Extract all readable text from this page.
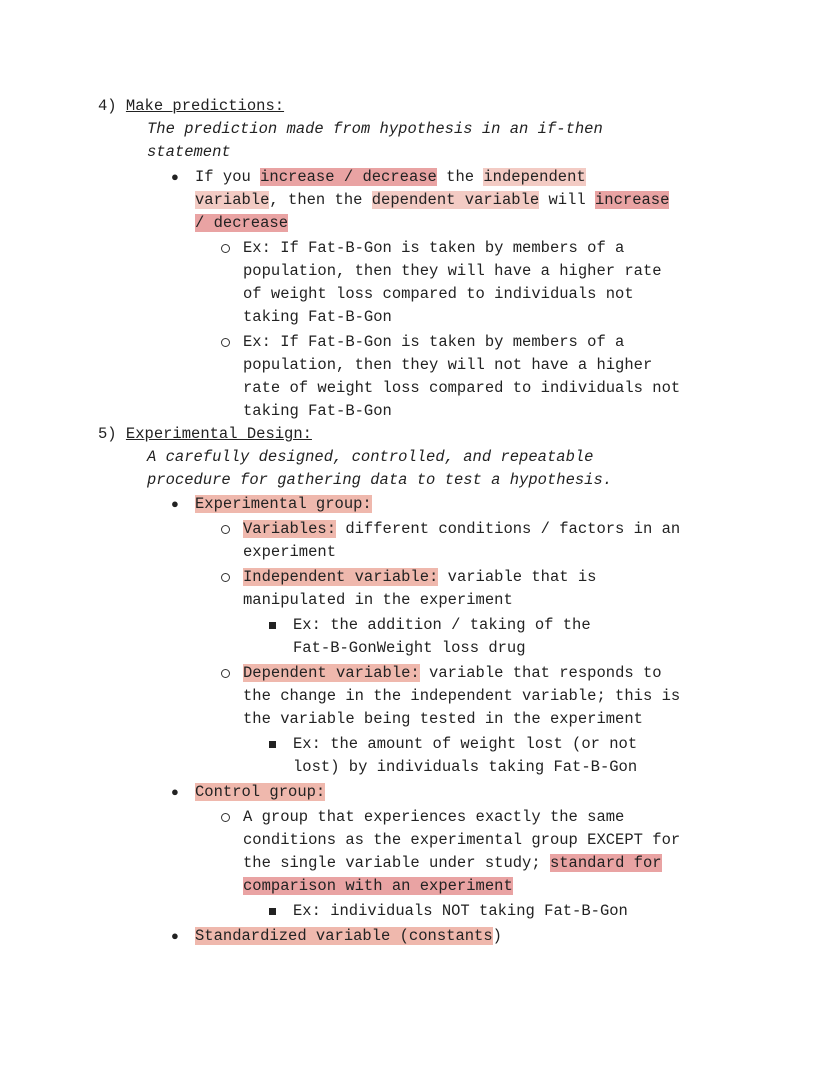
4) Make predictions:
The prediction made from hypothesis in an if-then
statement
● If you increase / decrease the independent
variable, then the dependent variable will increase
/ decrease
Ex: If Fat-B-Gon is taken by members of a
population, then they will have a higher rate
of weight loss compared to individuals not
taking Fat-B-Gon
Ex: If Fat-B-Gon is taken by members of a
population, then they will not have a higher
rate of weight loss compared to individuals not
taking Fat-B-Gon
5) Experimental Design:
A carefully designed, controlled, and repeatable
procedure for gathering data to test a hypothesis.
● Experimental group:
Variables: different conditions / factors in an
experiment
Independent variable: variable that is
manipulated in the experiment
Ex: the addition / taking of the
Fat-B-GonWeight loss drug
Dependent variable: variable that responds to
the change in the independent variable; this is
the variable being tested in the experiment
Ex: the amount of weight lost (or not
lost) by individuals taking Fat-B-Gon
● Control group:
A group that experiences exactly the same
conditions as the experimental group EXCEPT for
the single variable under study; standard for
comparison with an experiment
Ex: individuals NOT taking Fat-B-Gon
● Standardized variable (constants)
